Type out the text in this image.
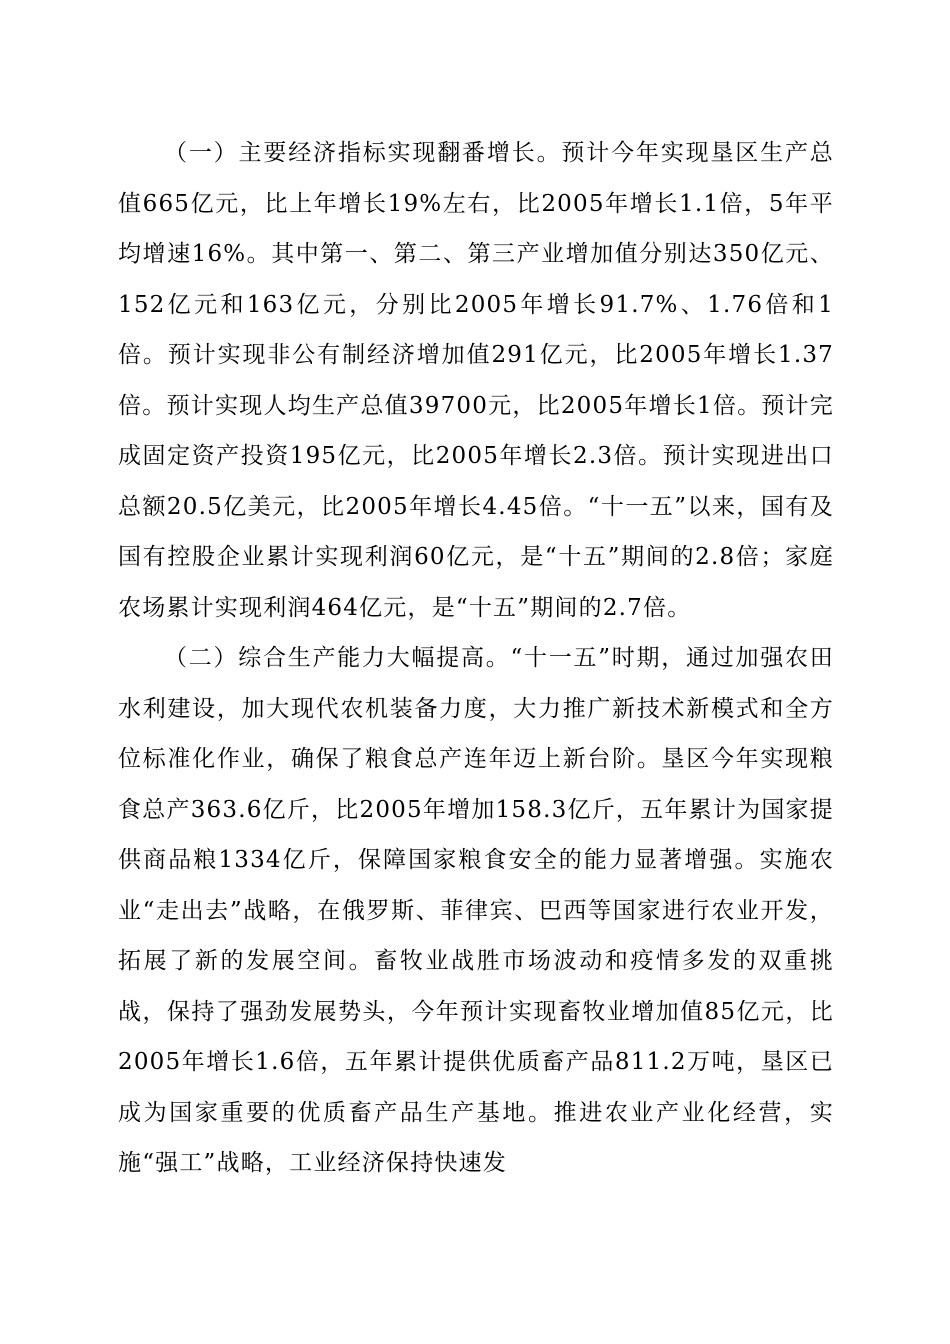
（一）主要经济指标实现翻番增长。预计今年实现垦区生产总值665亿元，比上年增长19%左右，比2005年增长1.1倍，5年平均增速16%。其中第一、第二、第三产业增加值分别达350亿元、152亿元和163亿元，分别比2005年增长91.7%、1.76倍和1倍。预计实现非公有制经济增加值291亿元，比2005年增长1.37倍。预计实现人均生产总值39700元，比2005年增长1倍。预计完成固定资产投资195亿元，比2005年增长2.3倍。预计实现进出口总额20.5亿美元，比2005年增长4.45倍。“十一五”以来，国有及国有控股企业累计实现利润60亿元，是“十五”期间的2.8倍；家庭农场累计实现利润464亿元，是“十五”期间的2.7倍。

（二）综合生产能力大幅提高。“十一五”时期，通过加强农田水利建设，加大现代农机装备力度，大力推广新技术新模式和全方位标准化作业，确保了粮食总产连年迈上新台阶。垦区今年实现粮食总产363.6亿斤，比2005年增加158.3亿斤，五年累计为国家提供商品粮1334亿斤，保障国家粮食安全的能力显著增强。实施农业“走出去”战略，在俄罗斯、菲律宾、巴西等国家进行农业开发，拓展了新的发展空间。畜牧业战胜市场波动和疫情多发的双重挑战，保持了强劲发展势头，今年预计实现畜牧业增加值85亿元，比2005年增长1.6倍，五年累计提供优质畜产品811.2万吨，垦区已成为国家重要的优质畜产品生产基地。推进农业产业化经营，实施“强工”战略，工业经济保持快速发
